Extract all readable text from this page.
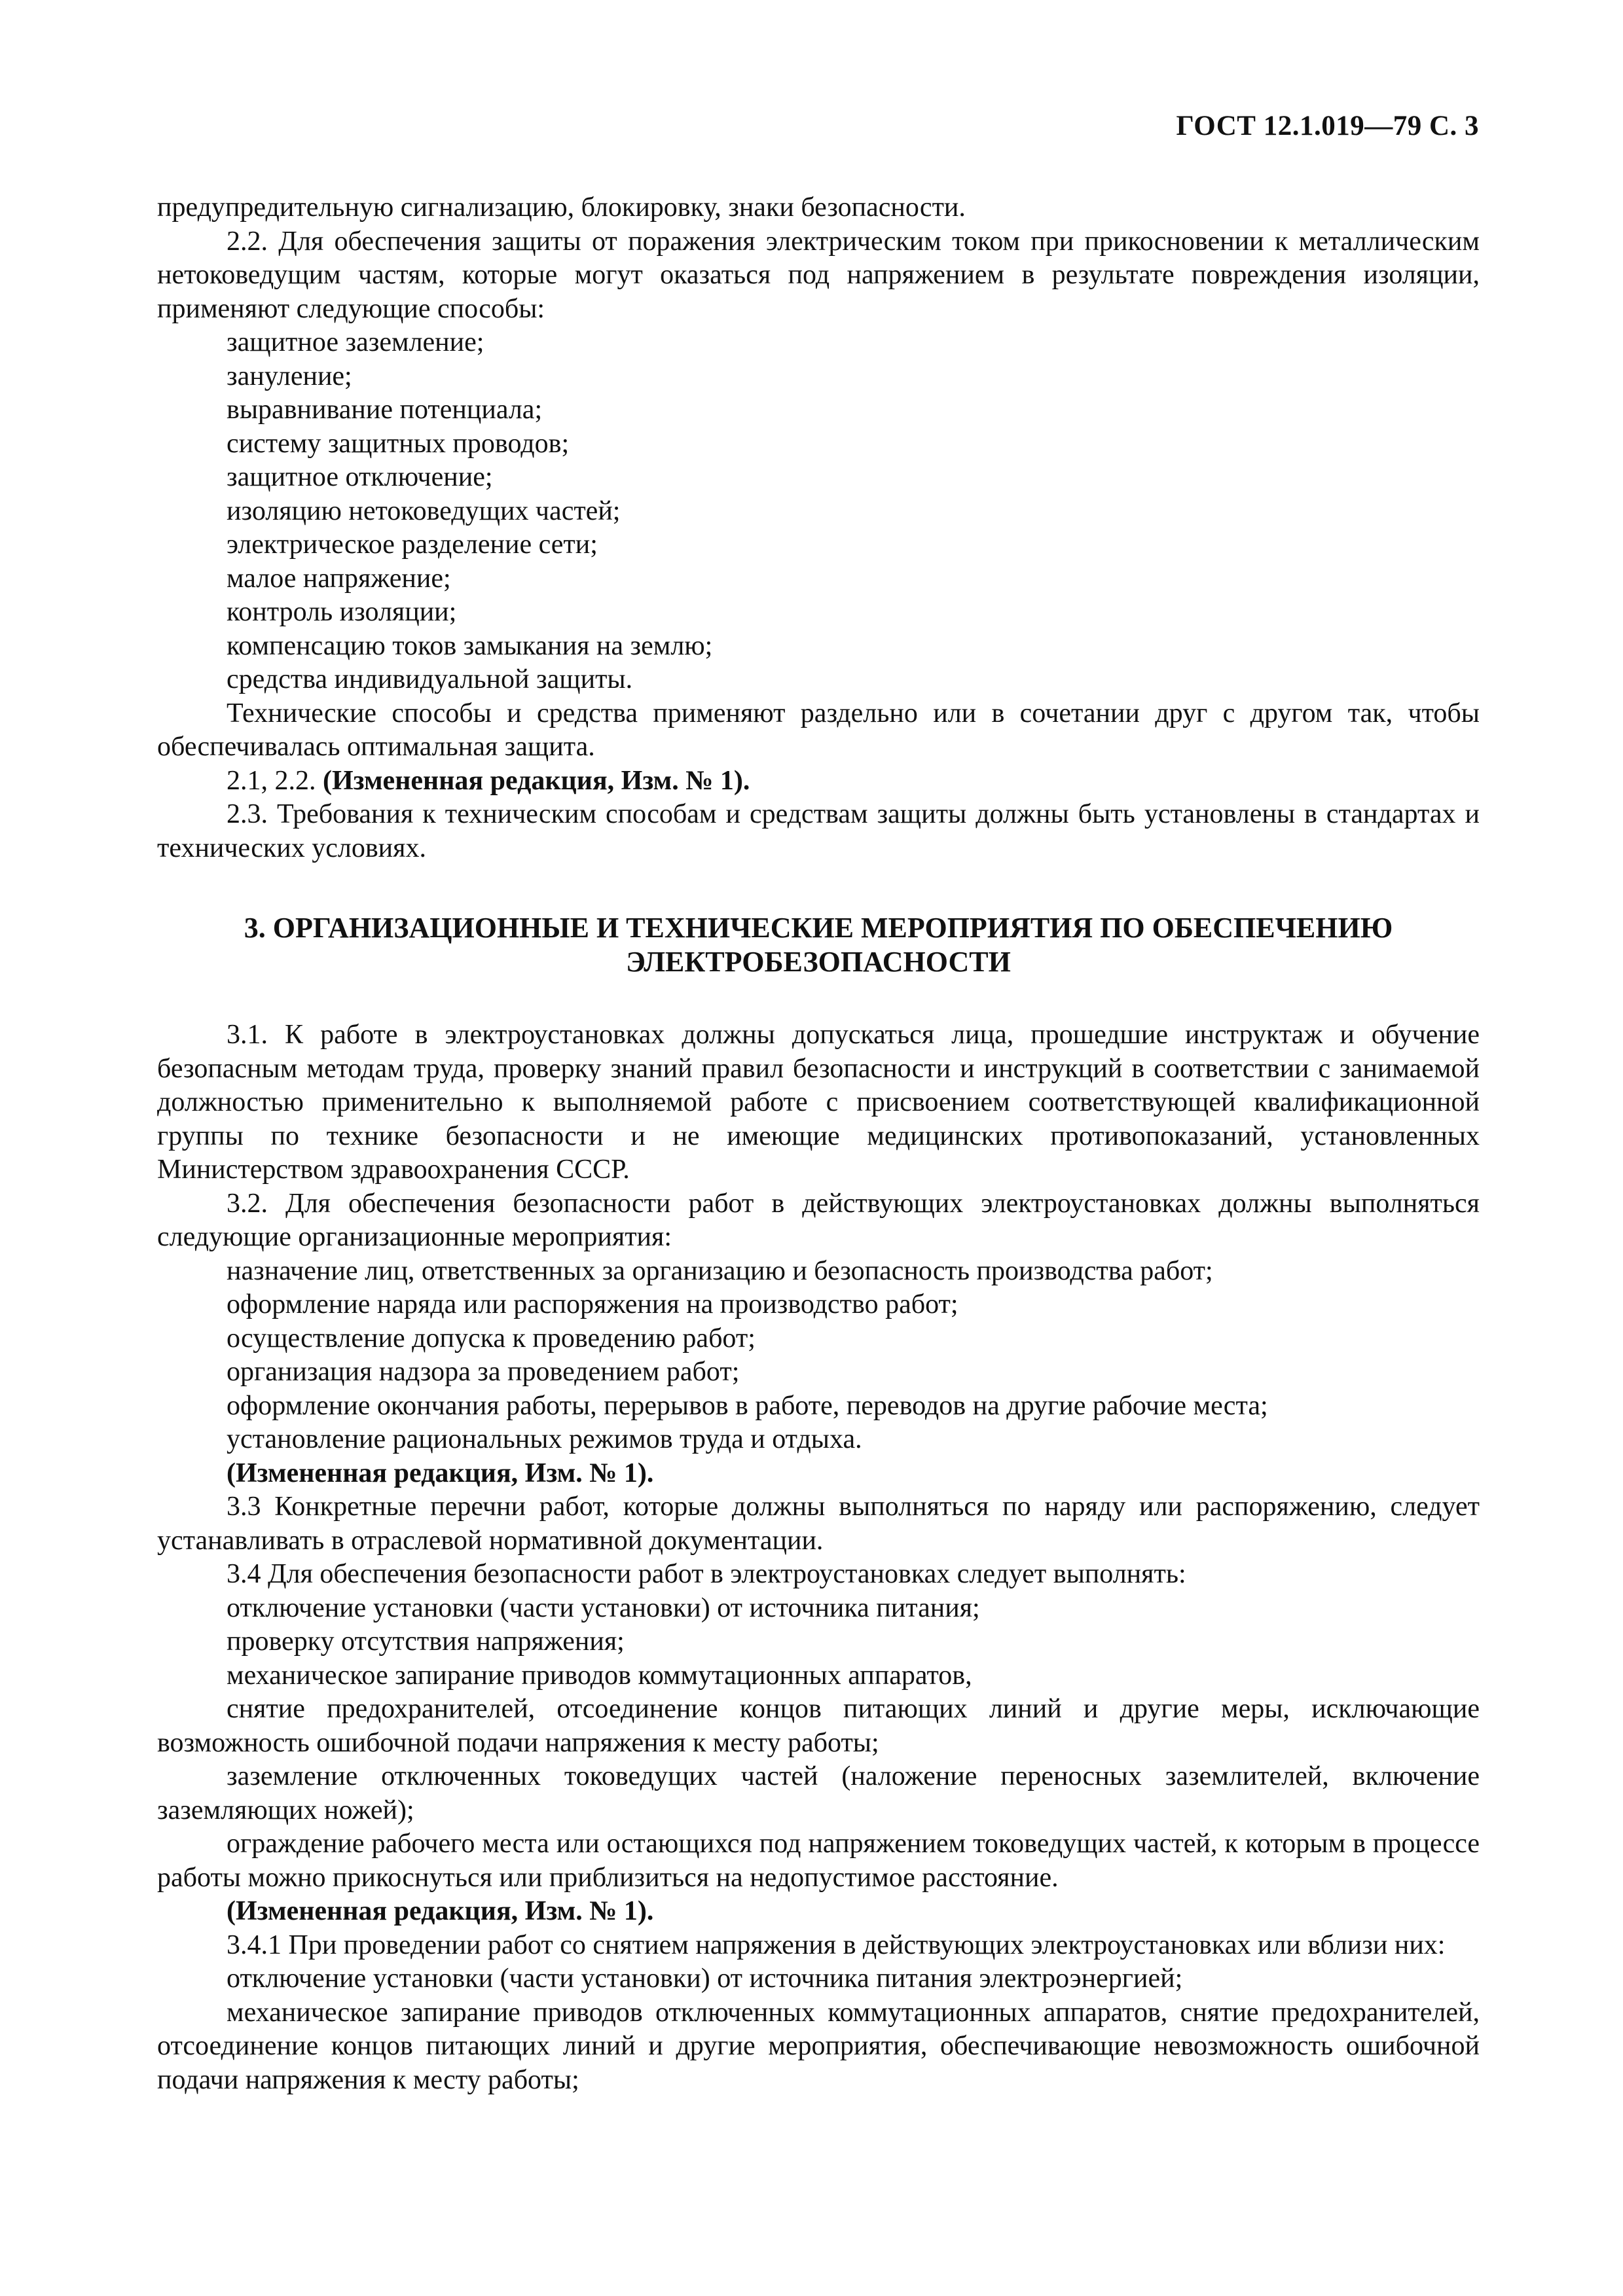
ГОСТ 12.1.019—79 С. 3

предупредительную сигнализацию, блокировку, знаки безопасности.

2.2. Для обеспечения защиты от поражения электрическим током при прикосновении к металлическим нетоковедущим частям, которые могут оказаться под напряжением в результате повреждения изоляции, применяют следующие способы:

защитное заземление;

зануление;

выравнивание потенциала;

систему защитных проводов;

защитное отключение;

изоляцию нетоковедущих частей;

электрическое разделение сети;

малое напряжение;

контроль изоляции;

компенсацию токов замыкания на землю;

средства индивидуальной защиты.

Технические способы и средства применяют раздельно или в сочетании друг с другом так, чтобы обеспечивалась оптимальная защита.

2.1, 2.2. (Измененная редакция, Изм. № 1).

2.3. Требования к техническим способам и средствам защиты должны быть установлены в стандартах и технических условиях.

3. ОРГАНИЗАЦИОННЫЕ И ТЕХНИЧЕСКИЕ МЕРОПРИЯТИЯ ПО ОБЕСПЕЧЕНИЮ ЭЛЕКТРОБЕЗОПАСНОСТИ

3.1. К работе в электроустановках должны допускаться лица, прошедшие инструктаж и обучение безопасным методам труда, проверку знаний правил безопасности и инструкций в соответствии с занимаемой должностью применительно к выполняемой работе с присвоением соответствующей квалификационной группы по технике безопасности и не имеющие медицинских противопоказаний, установленных Министерством здравоохранения СССР.

3.2. Для обеспечения безопасности работ в действующих электроустановках должны выполняться следующие организационные мероприятия:

назначение лиц, ответственных за организацию и безопасность производства работ;

оформление наряда или распоряжения на производство работ;

осуществление допуска к проведению работ;

организация надзора за проведением работ;

оформление окончания работы, перерывов в работе, переводов на другие рабочие места;

установление рациональных режимов труда и отдыха.

(Измененная редакция, Изм. № 1).

3.3 Конкретные перечни работ, которые должны выполняться по наряду или распоряжению, следует устанавливать в отраслевой нормативной документации.

3.4 Для обеспечения безопасности работ в электроустановках следует выполнять:

отключение установки (части установки) от источника питания;

проверку отсутствия напряжения;

механическое запирание приводов коммутационных аппаратов,

снятие предохранителей, отсоединение концов питающих линий и другие меры, исключающие возможность ошибочной подачи напряжения к месту работы;

заземление отключенных токоведущих частей (наложение переносных заземлителей, включение заземляющих ножей);

ограждение рабочего места или остающихся под напряжением токоведущих частей, к которым в процессе работы можно прикоснуться или приблизиться на недопустимое расстояние.

(Измененная редакция, Изм. № 1).

3.4.1 При проведении работ со снятием напряжения в действующих электроустановках или вблизи них:

отключение установки (части установки) от источника питания электроэнергией;

механическое запирание приводов отключенных коммутационных аппаратов, снятие предохранителей, отсоединение концов питающих линий и другие мероприятия, обеспечивающие невозможность ошибочной подачи напряжения к месту работы;
